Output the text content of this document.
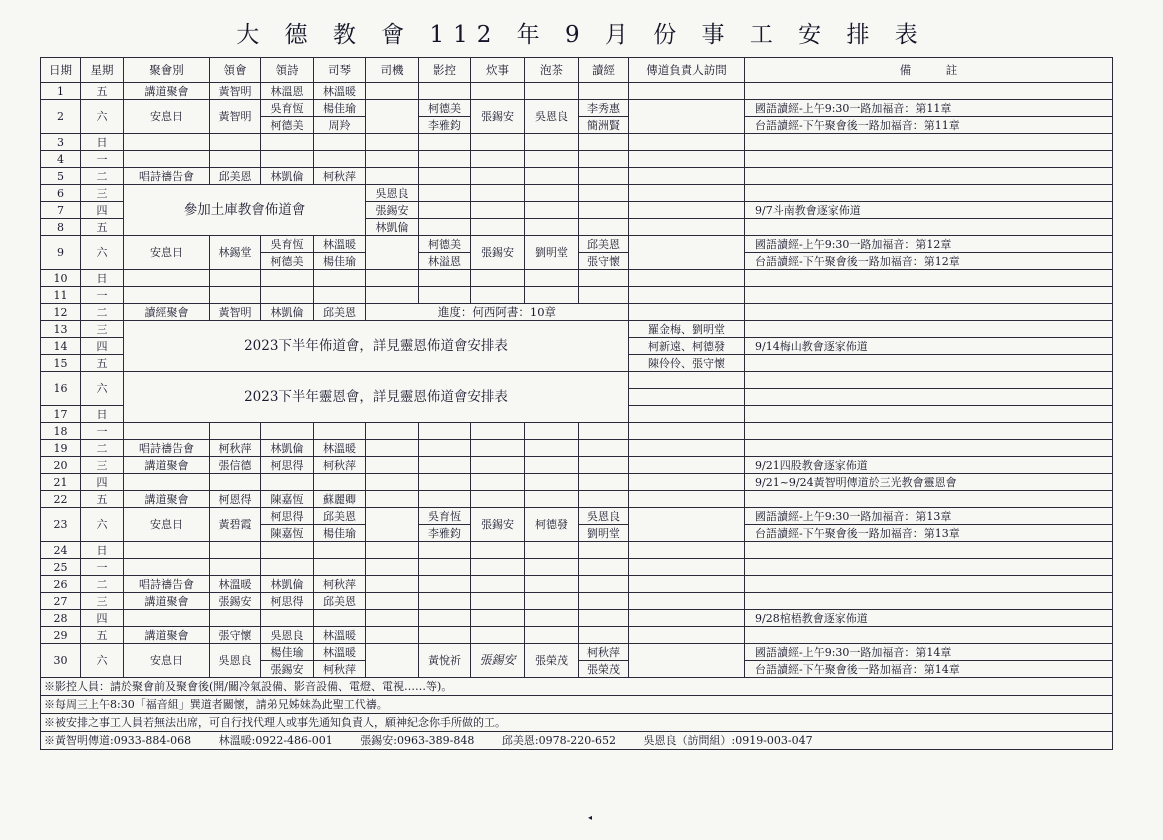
大 德 教 會 112 年 9 月 份 事 工 安 排 表
日期	星期	聚會別	領會	領詩	司琴	司機	影控	炊事	泡茶	讀經	傳道負責人訪問	備　　　註
1	五	講道聚會	黃智明	林溫恩	林溫暖							
2	六	安息日	黃智明	吳育恆	楊佳瑜		柯德美	張錫安	吳恩良	李秀惠		國語讀經-上午9:30一路加福音：第11章
				柯德美	周羚		李雅鈞			簡洲賢		台語讀經-下午聚會後一路加福音：第11章
3	日											
4	一											
5	二	唱詩禱告會	邱美恩	林凱倫	柯秋萍							
6	三	參加土庫教會佈道會				吳恩良						
7	四					張錫安						9/7斗南教會逐家佈道
8	五					林凱倫						
9	六	安息日	林錫堂	吳育恆	林溫暖		柯德美	張錫安	劉明堂	邱美恩		國語讀經-上午9:30一路加福音：第12章
				柯德美	楊佳瑜		林溢恩			張守懷		台語讀經-下午聚會後一路加福音：第12章
10	日											
11	一											
12	二	讀經聚會	黃智明	林凱倫	邱美恩	進度：何西阿書：10章						
13	三	2023下半年佈道會，詳見靈恩佈道會安排表									羅金梅、劉明堂	
14	四										柯新遠、柯德發	9/14梅山教會逐家佈道
15	五										陳伶伶、張守懷	
16	六	2023下半年靈恩會，詳見靈恩佈道會安排表										

17	日											
18	一											
19	二	唱詩禱告會	柯秋萍	林凱倫	林溫暖							
20	三	講道聚會	張信德	柯思得	柯秋萍							9/21四股教會逐家佈道
21	四											9/21~9/24黃智明傳道於三光教會靈恩會
22	五	講道聚會	柯恩得	陳嘉恆	蘇麗卿							
23	六	安息日	黃碧霞	柯思得	邱美恩		吳育恆	張錫安	柯德發	吳恩良		國語讀經-上午9:30一路加福音：第13章
				陳嘉恆	楊佳瑜		李雅鈞			劉明堂		台語讀經-下午聚會後一路加福音：第13章
24	日											
25	一											
26	二	唱詩禱告會	林溫暖	林凱倫	柯秋萍							
27	三	講道聚會	張錫安	柯思得	邱美恩							
28	四											9/28棺梧教會逐家佈道
29	五	講道聚會	張守懷	吳恩良	林溫暖							
30	六	安息日	吳恩良	楊佳瑜	林溫暖		黃悅祈	張錫安	張榮茂	柯秋萍		國語讀經-上午9:30一路加福音：第14章
				張錫安	柯秋萍					張榮茂		台語讀經-下午聚會後一路加福音：第14章
※影控人員：請於聚會前及聚會後(開/關冷氣設備、影音設備、電燈、電視……等)。												
※每周三上午8:30「福音組」巽道者關懷，請弟兄姊妹為此聖工代禱。												
※被安排之事工人員若無法出席，可自行找代理人或事先通知負責人，願神紀念你手所做的工。												
※黃智明傳道:0933-884-068 林溫暖:0922-486-001 張錫安:0963-389-848 邱美恩:0978-220-652 吳恩良（訪問組）:0919-003-047												
◂
